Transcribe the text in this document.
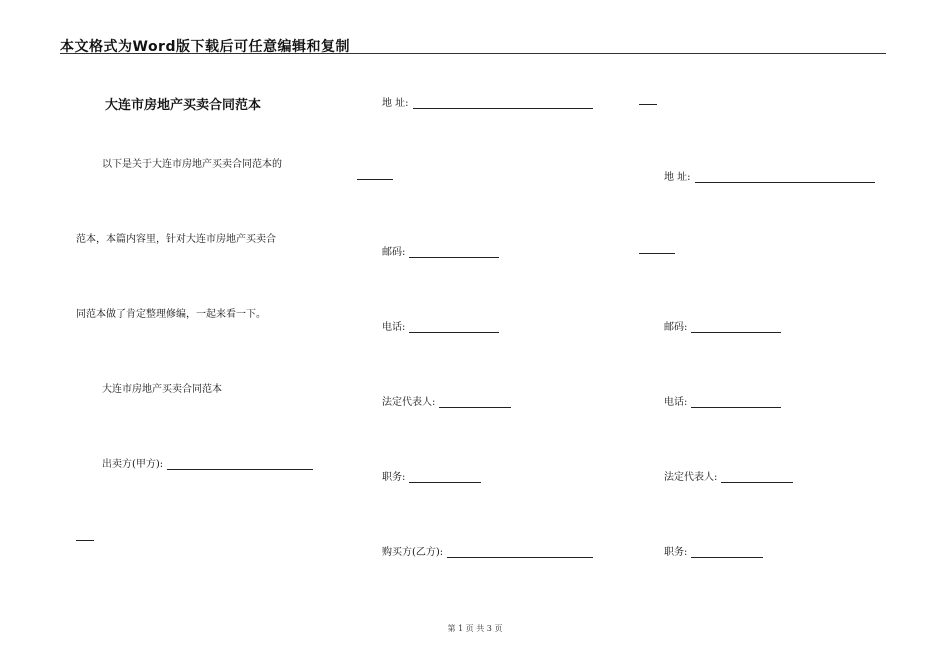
本文格式为Word版下载后可任意编辑和复制
大连市房地产买卖合同范本
以下是关于大连市房地产买卖合同范本的
范本，本篇内容里，针对大连市房地产买卖合
同范本做了肯定整理修编，一起来看一下。
大连市房地产买卖合同范本
出卖方(甲方):
地 址:
邮码:
电话:
法定代表人:
职务:
购买方(乙方):
地 址:
邮码:
电话:
法定代表人:
职务:
第 1 页 共 3 页
